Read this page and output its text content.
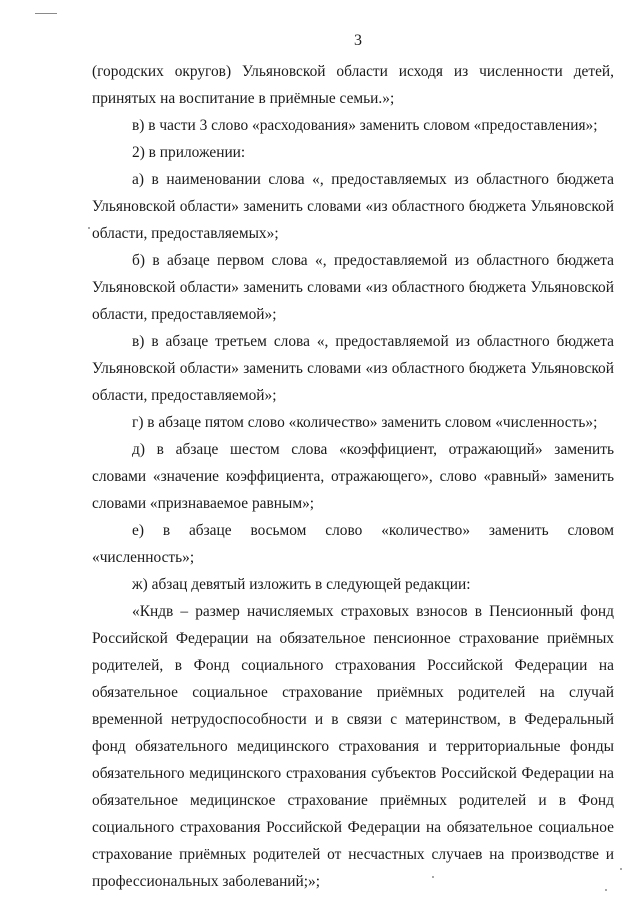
3

(городских округов) Ульяновской области исходя из численности детей, принятых на воспитание в приёмные семьи.»;

в) в части 3 слово «расходования» заменить словом «предоставления»;

2) в приложении:

а) в наименовании слова «, предоставляемых из областного бюджета Ульяновской области» заменить словами «из областного бюджета Ульяновской области, предоставляемых»;

б) в абзаце первом слова «, предоставляемой из областного бюджета Ульяновской области» заменить словами «из областного бюджета Ульяновской области, предоставляемой»;

в) в абзаце третьем слова «, предоставляемой из областного бюджета Ульяновской области» заменить словами «из областного бюджета Ульяновской области, предоставляемой»;

г) в абзаце пятом слово «количество» заменить словом «численность»;

д) в абзаце шестом слова «коэффициент, отражающий» заменить словами «значение коэффициента, отражающего», слово «равный» заменить словами «признаваемое равным»;

е) в абзаце восьмом слово «количество» заменить словом «численность»;

ж) абзац девятый изложить в следующей редакции:

«Кндв – размер начисляемых страховых взносов в Пенсионный фонд Российской Федерации на обязательное пенсионное страхование приёмных родителей, в Фонд социального страхования Российской Федерации на обязательное социальное страхование приёмных родителей на случай временной нетрудоспособности и в связи с материнством, в Федеральный фонд обязательного медицинского страхования и территориальные фонды обязательного медицинского страхования субъектов Российской Федерации на обязательное медицинское страхование приёмных родителей и в Фонд социального страхования Российской Федерации на обязательное социальное страхование приёмных родителей от несчастных случаев на производстве и профессиональных заболеваний;»;
